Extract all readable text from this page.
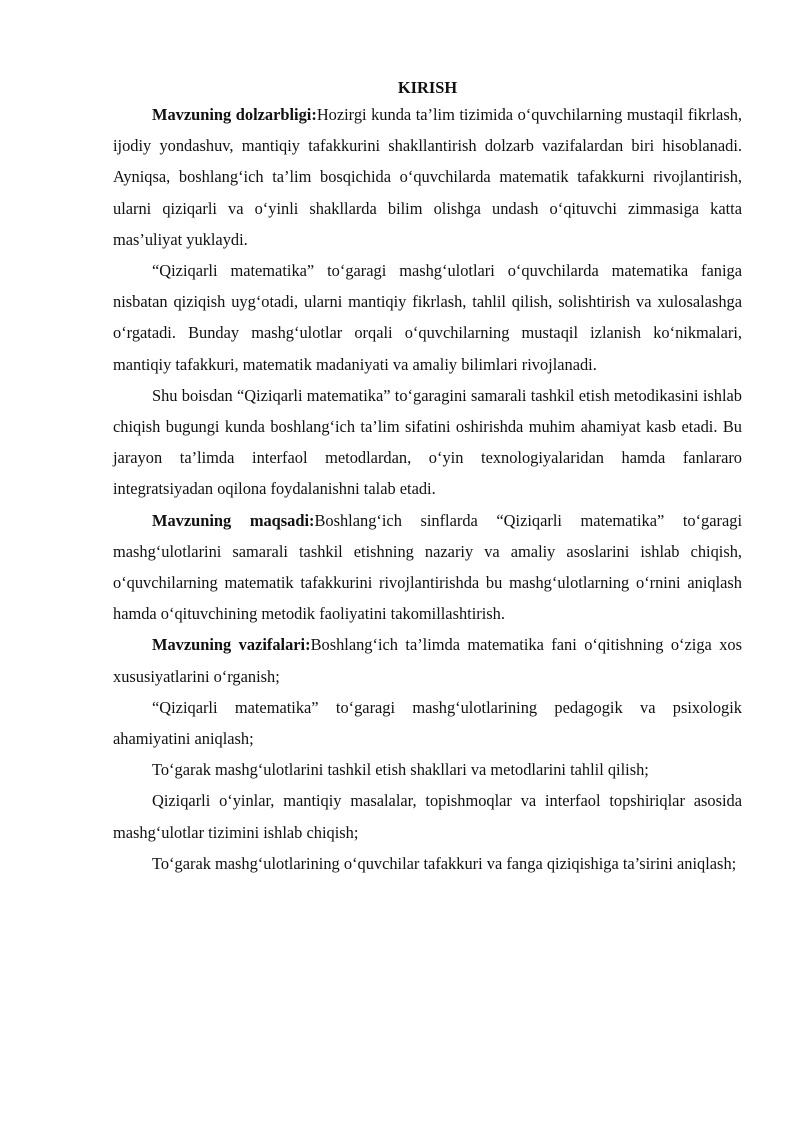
KIRISH

Mavzuning dolzarbligi:Hozirgi kunda ta’lim tizimida o‘quvchilarning mustaqil fikrlash, ijodiy yondashuv, mantiqiy tafakkurini shakllantirish dolzarb vazifalardan biri hisoblanadi. Ayniqsa, boshlang‘ich ta’lim bosqichida o‘quvchilarda matematik tafakkurni rivojlantirish, ularni qiziqarli va o‘yinli shakllarda bilim olishga undash o‘qituvchi zimmasiga katta mas’uliyat yuklaydi.

“Qiziqarli matematika” to‘garagi mashg‘ulotlari o‘quvchilarda matematika faniga nisbatan qiziqish uyg‘otadi, ularni mantiqiy fikrlash, tahlil qilish, solishtirish va xulosalashga o‘rgatadi. Bunday mashg‘ulotlar orqali o‘quvchilarning mustaqil izlanish ko‘nikmalari, mantiqiy tafakkuri, matematik madaniyati va amaliy bilimlari rivojlanadi.

Shu boisdan “Qiziqarli matematika” to‘garagini samarali tashkil etish metodikasini ishlab chiqish bugungi kunda boshlang‘ich ta’lim sifatini oshirishda muhim ahamiyat kasb etadi. Bu jarayon ta’limda interfaol metodlardan, o‘yin texnologiyalaridan hamda fanlararo integratsiyadan oqilona foydalanishni talab etadi.

Mavzuning maqsadi:Boshlang‘ich sinflarda “Qiziqarli matematika” to‘garagi mashg‘ulotlarini samarali tashkil etishning nazariy va amaliy asoslarini ishlab chiqish, o‘quvchilarning matematik tafakkurini rivojlantirishda bu mashg‘ulotlarning o‘rnini aniqlash hamda o‘qituvchining metodik faoliyatini takomillashtirish.

Mavzuning vazifalari:Boshlang‘ich ta’limda matematika fani o‘qitishning o‘ziga xos xususiyatlarini o‘rganish;

“Qiziqarli matematika” to‘garagi mashg‘ulotlarining pedagogik va psixologik ahamiyatini aniqlash;

To‘garak mashg‘ulotlarini tashkil etish shakllari va metodlarini tahlil qilish;

Qiziqarli o‘yinlar, mantiqiy masalalar, topishmoqlar va interfaol topshiriqlar asosida mashg‘ulotlar tizimini ishlab chiqish;

To‘garak mashg‘ulotlarining o‘quvchilar tafakkuri va fanga qiziqishiga ta’sirini aniqlash;
